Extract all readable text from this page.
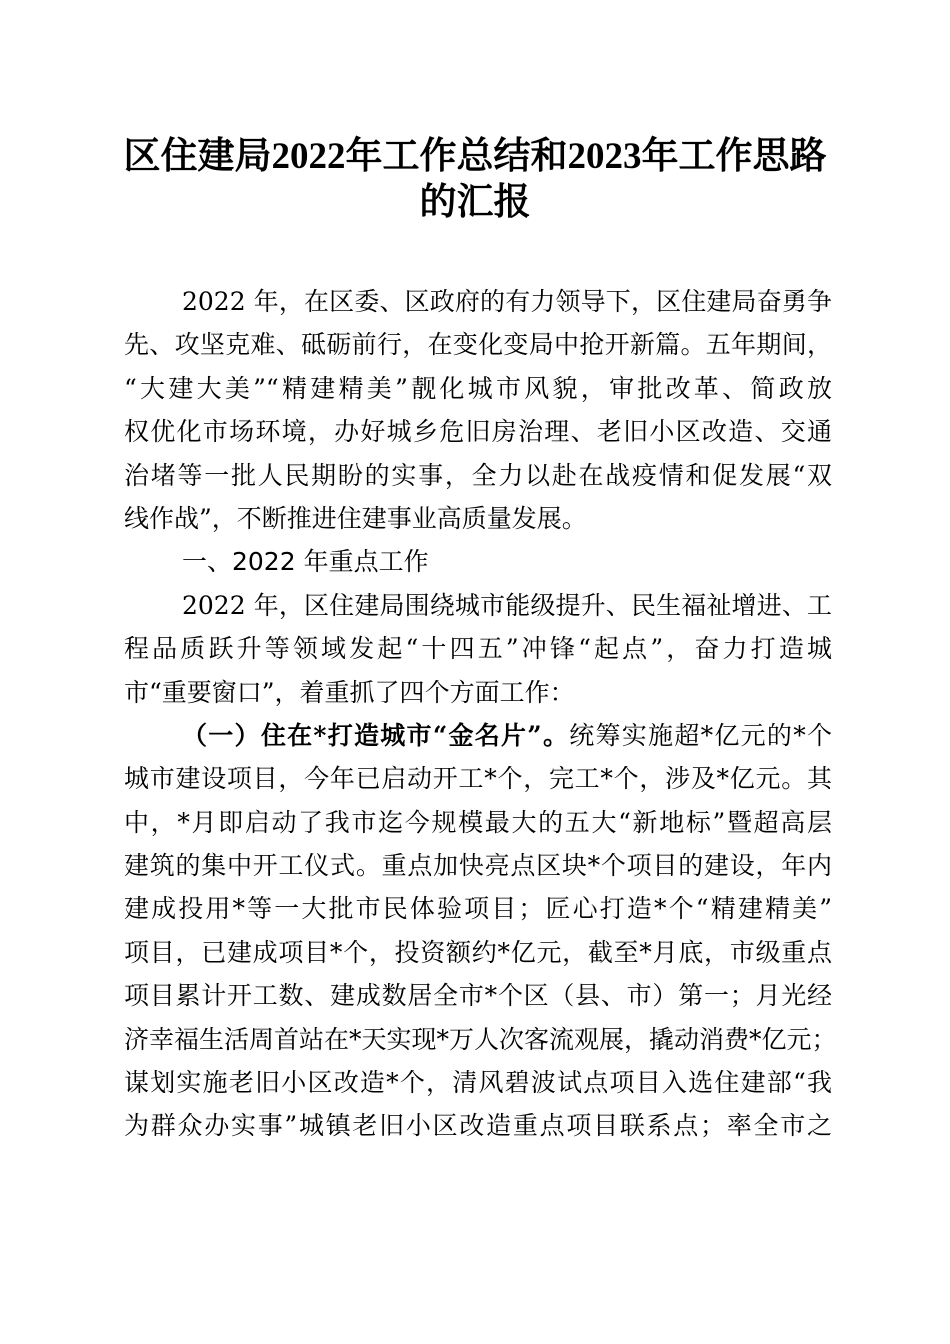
区住建局2022年工作总结和2023年工作思路
的汇报
2022 年，在区委、区政府的有力领导下，区住建局奋勇争
先、攻坚克难、砥砺前行，在变化变局中抢开新篇。五年期间，
“大建大美”“精建精美”靓化城市风貌，审批改革、简政放
权优化市场环境，办好城乡危旧房治理、老旧小区改造、交通
治堵等一批人民期盼的实事，全力以赴在战疫情和促发展“双
线作战”，不断推进住建事业高质量发展。
一、2022 年重点工作
2022 年，区住建局围绕城市能级提升、民生福祉增进、工
程品质跃升等领域发起“十四五”冲锋“起点”，奋力打造城
市“重要窗口”，着重抓了四个方面工作：
（一）住在*打造城市“金名片”。统筹实施超*亿元的*个
城市建设项目，今年已启动开工*个，完工*个，涉及*亿元。其
中，*月即启动了我市迄今规模最大的五大“新地标”暨超高层
建筑的集中开工仪式。重点加快亮点区块*个项目的建设，年内
建成投用*等一大批市民体验项目；匠心打造*个“精建精美”
项目，已建成项目*个，投资额约*亿元，截至*月底，市级重点
项目累计开工数、建成数居全市*个区（县、市）第一；月光经
济幸福生活周首站在*天实现*万人次客流观展，撬动消费*亿元；
谋划实施老旧小区改造*个，清风碧波试点项目入选住建部“我
为群众办实事”城镇老旧小区改造重点项目联系点；率全市之
